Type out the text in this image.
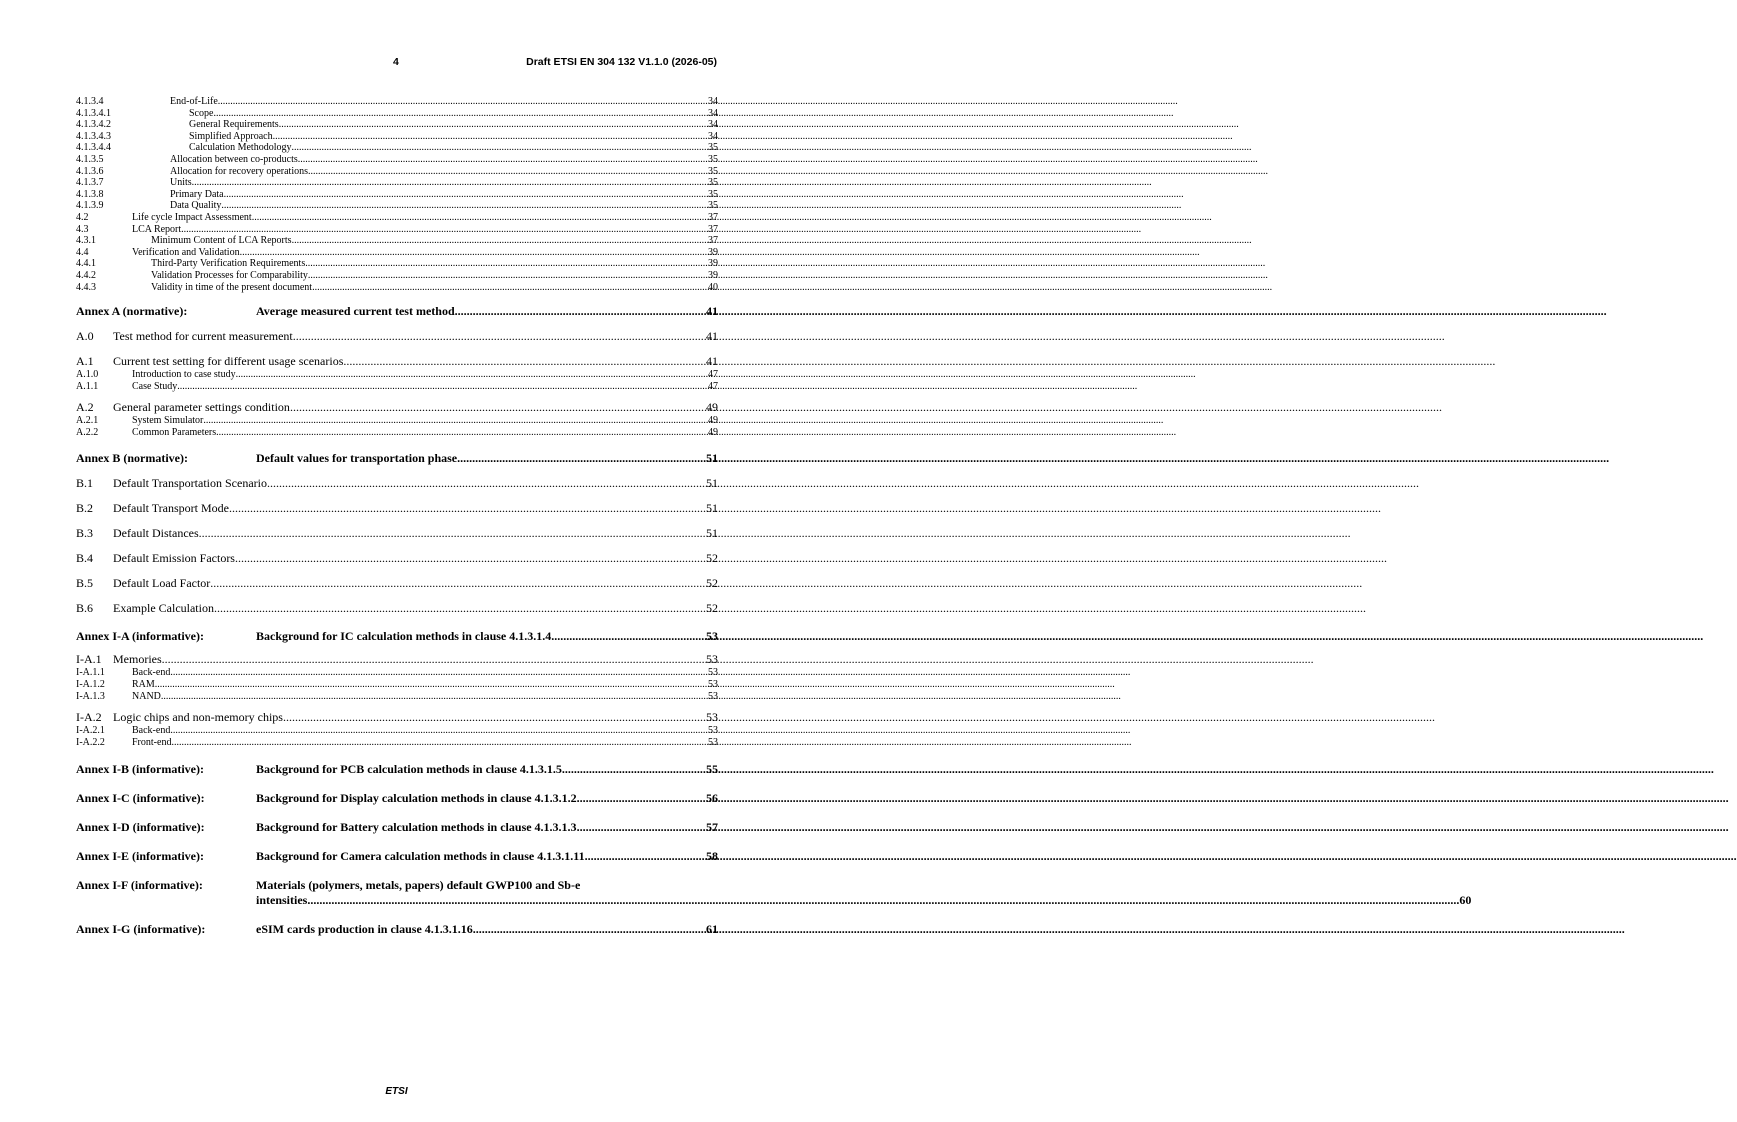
4	Draft ETSI EN 304 132 V1.1.0 (2026-05)
4.1.3.4	End-of-Life .....	34
4.1.3.4.1	Scope .....	34
4.1.3.4.2	General Requirements .....	34
4.1.3.4.3	Simplified Approach .....	34
4.1.3.4.4	Calculation Methodology .....	35
4.1.3.5	Allocation between co-products .....	35
4.1.3.6	Allocation for recovery operations .....	35
4.1.3.7	Units .....	35
4.1.3.8	Primary Data .....	35
4.1.3.9	Data Quality .....	35
4.2	Life cycle Impact Assessment .....	37
4.3	LCA Report .....	37
4.3.1	Minimum Content of LCA Reports .....	37
4.4	Verification and Validation .....	39
4.4.1	Third-Party Verification Requirements .....	39
4.4.2	Validation Processes for Comparability .....	39
4.4.3	Validity in time of the present document .....	40
Annex A (normative):	Average measured current test method .....	41
A.0	Test method for current measurement .....	41
A.1	Current test setting for different usage scenarios .....	41
A.1.0	Introduction to case study .....	47
A.1.1	Case Study .....	47
A.2	General parameter settings condition .....	49
A.2.1	System Simulator .....	49
A.2.2	Common Parameters .....	49
Annex B (normative):	Default values for transportation phase .....	51
B.1	Default Transportation Scenario .....	51
B.2	Default Transport Mode .....	51
B.3	Default Distances .....	51
B.4	Default Emission Factors .....	52
B.5	Default Load Factor .....	52
B.6	Example Calculation .....	52
Annex I-A (informative):	Background for IC calculation methods in clause 4.1.3.1.4 .....	53
I-A.1 Memories .....	53
I-A.1.1	Back-end .....	53
I-A.1.2	RAM .....	53
I-A.1.3	NAND .....	53
I-A.2 Logic chips and non-memory chips .....	53
I-A.2.1	Back-end .....	53
I-A.2.2	Front-end .....	53
Annex I-B (informative):	Background for PCB calculation methods in clause 4.1.3.1.5 .....	55
Annex I-C (informative):	Background for Display calculation methods in clause 4.1.3.1.2 .....	56
Annex I-D (informative):	Background for Battery calculation methods in clause 4.1.3.1.3 .....	57
Annex I-E (informative):	Background for Camera calculation methods in clause 4.1.3.1.11 .....	58
Annex I-F (informative):	Materials (polymers, metals, papers) default GWP100 and Sb-e
intensities .....	60
Annex I-G (informative):	eSIM cards production in clause 4.1.3.1.16 .....	61
ETSI
